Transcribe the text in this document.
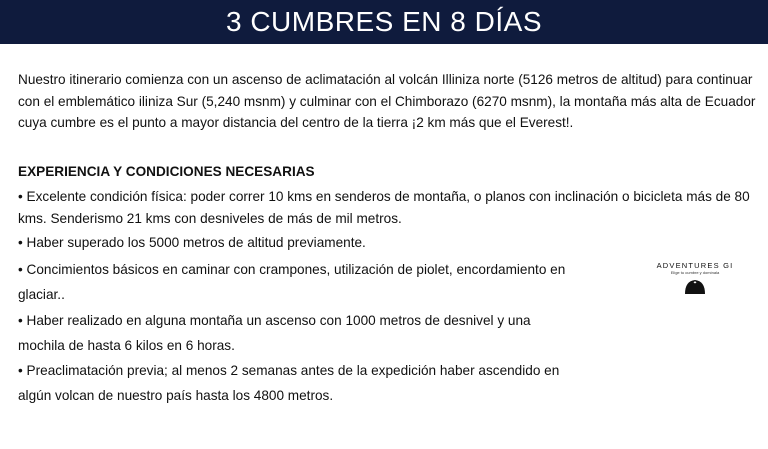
3 CUMBRES EN 8 DÍAS

Nuestro itinerario comienza con un ascenso de aclimatación al volcán Illiniza norte (5126 metros de altitud) para continuar con el emblemático iliniza Sur (5,240 msnm) y culminar con el Chimborazo (6270 msnm), la montaña más alta de Ecuador cuya cumbre es el punto a mayor distancia del centro de la tierra ¡2 km más que el Everest!.

EXPERIENCIA Y CONDICIONES NECESARIAS

• Excelente condición física: poder correr 10 kms en senderos de montaña, o planos con inclinación o bicicleta más de 80 kms. Senderismo 21 kms con desniveles de más de mil metros.

• Haber superado los 5000 metros de altitud previamente.

• Concimientos básicos en caminar con crampones, utilización de piolet, encordamiento en glaciar..

• Haber realizado en alguna montaña un ascenso con 1000 metros de desnivel y una mochila de hasta 6 kilos en 6 horas.

• Preaclimatación previa; al menos 2 semanas antes de la expedición haber ascendido en algún volcan de nuestro país hasta los 4800 metros.

ADVENTURES GI
Elige tu cumbre y domínala
